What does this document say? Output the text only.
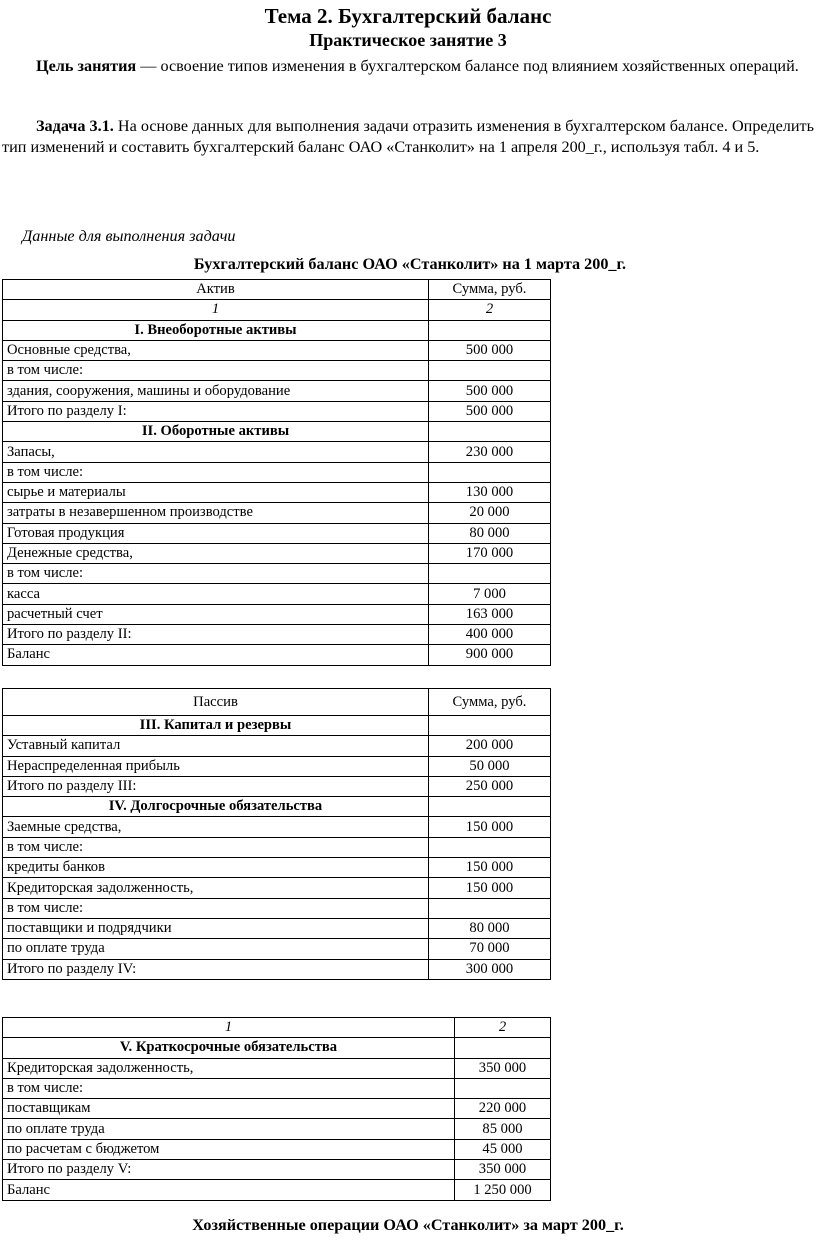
Тема 2. Бухгалтерский баланс
Практическое занятие 3

Цель занятия — освоение типов изменения в бухгалтерском балансе под влиянием хозяйственных операций.

Задача 3.1. На основе данных для выполнения задачи отразить изменения в бухгалтерском балансе. Определить тип изменений и составить бухгалтерский баланс ОАО «Станколит» на 1 апреля 200_г., используя табл. 4 и 5.

Данные для выполнения задачи
Бухгалтерский баланс ОАО «Станколит» на 1 марта 200_г.
Актив	Сумма, руб.
1	2
I. Внеоборотные активы	
Основные средства,	500 000
в том числе:	
здания, сооружения, машины и оборудование	500 000
Итого по разделу I:	500 000
II. Оборотные активы	
Запасы,	230 000
в том числе:	
сырье и материалы	130 000
затраты в незавершенном производстве	20 000
Готовая продукция	80 000
Денежные средства,	170 000
в том числе:	
касса	7 000
расчетный счет	163 000
Итого по разделу II:	400 000
Баланс	900 000
Пассив	Сумма, руб.
III. Капитал и резервы	
Уставный капитал	200 000
Нераспределенная прибыль	50 000
Итого по разделу III:	250 000
IV. Долгосрочные обязательства	
Заемные средства,	150 000
в том числе:	
кредиты банков	150 000
Кредиторская задолженность,	150 000
в том числе:	
поставщики и подрядчики	80 000
по оплате труда	70 000
Итого по разделу IV:	300 000
1	2
V. Краткосрочные обязательства	
Кредиторская задолженность,	350 000
в том числе:	
поставщикам	220 000
по оплате труда	85 000
по расчетам с бюджетом	45 000
Итого по разделу V:	350 000
Баланс	1 250 000
Хозяйственные операции ОАО «Станколит» за март 200_г.
